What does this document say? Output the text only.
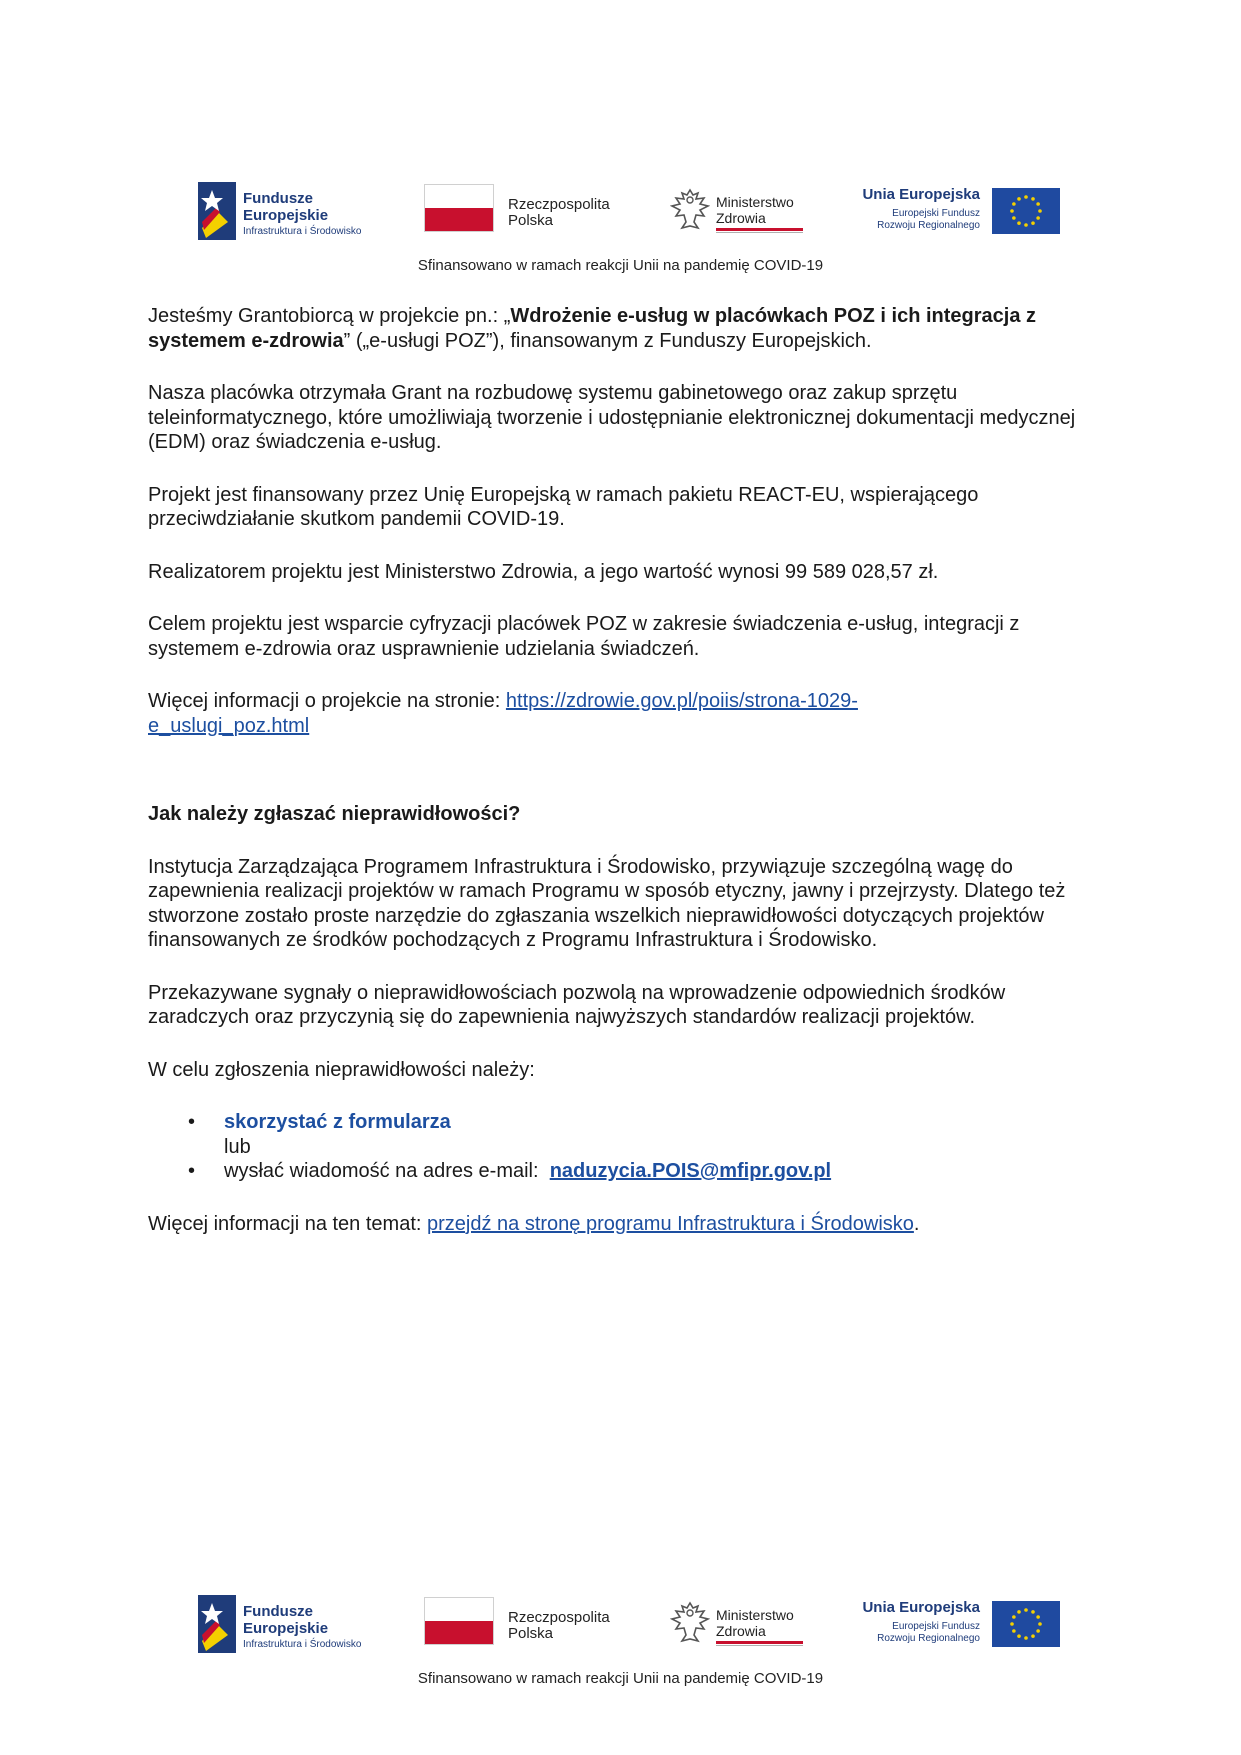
Fundusze
Europejskie
Infrastruktura i Środowisko
Rzeczpospolita
Polska
Ministerstwo
Zdrowia
Unia Europejska
Europejski Fundusz
Rozwoju Regionalnego
Sfinansowano w ramach reakcji Unii na pandemię COVID-19

Jesteśmy Grantobiorcą w projekcie pn.: „Wdrożenie e-usług w placówkach POZ i ich integracja z systemem e-zdrowia” („e-usługi POZ”), finansowanym z Funduszy Europejskich.

Nasza placówka otrzymała Grant na rozbudowę systemu gabinetowego oraz zakup sprzętu teleinformatycznego, które umożliwiają tworzenie i udostępnianie elektronicznej dokumentacji medycznej (EDM) oraz świadczenia e-usług.

Projekt jest finansowany przez Unię Europejską w ramach pakietu REACT-EU, wspierającego przeciwdziałanie skutkom pandemii COVID-19.

Realizatorem projektu jest Ministerstwo Zdrowia, a jego wartość wynosi 99 589 028,57 zł.

Celem projektu jest wsparcie cyfryzacji placówek POZ w zakresie świadczenia e-usług, integracji z systemem e-zdrowia oraz usprawnienie udzielania świadczeń.

Więcej informacji o projekcie na stronie: https://zdrowie.gov.pl/poiis/strona-1029-
e_uslugi_poz.html

Jak należy zgłaszać nieprawidłowości?

Instytucja Zarządzająca Programem Infrastruktura i Środowisko, przywiązuje szczególną wagę do zapewnienia realizacji projektów w ramach Programu w sposób etyczny, jawny i przejrzysty. Dlatego też stworzone zostało proste narzędzie do zgłaszania wszelkich nieprawidłowości dotyczących projektów finansowanych ze środków pochodzących z Programu Infrastruktura i Środowisko.

Przekazywane sygnały o nieprawidłowościach pozwolą na wprowadzenie odpowiednich środków zaradczych oraz przyczynią się do zapewnienia najwyższych standardów realizacji projektów.

W celu zgłoszenia nieprawidłowości należy:

• skorzystać z formularza
lub
• wysłać wiadomość na adres e-mail:  naduzycia.POIS@mfipr.gov.pl

Więcej informacji na ten temat: przejdź na stronę programu Infrastruktura i Środowisko.

Fundusze
Europejskie
Infrastruktura i Środowisko
Rzeczpospolita
Polska
Ministerstwo
Zdrowia
Unia Europejska
Europejski Fundusz
Rozwoju Regionalnego
Sfinansowano w ramach reakcji Unii na pandemię COVID-19
